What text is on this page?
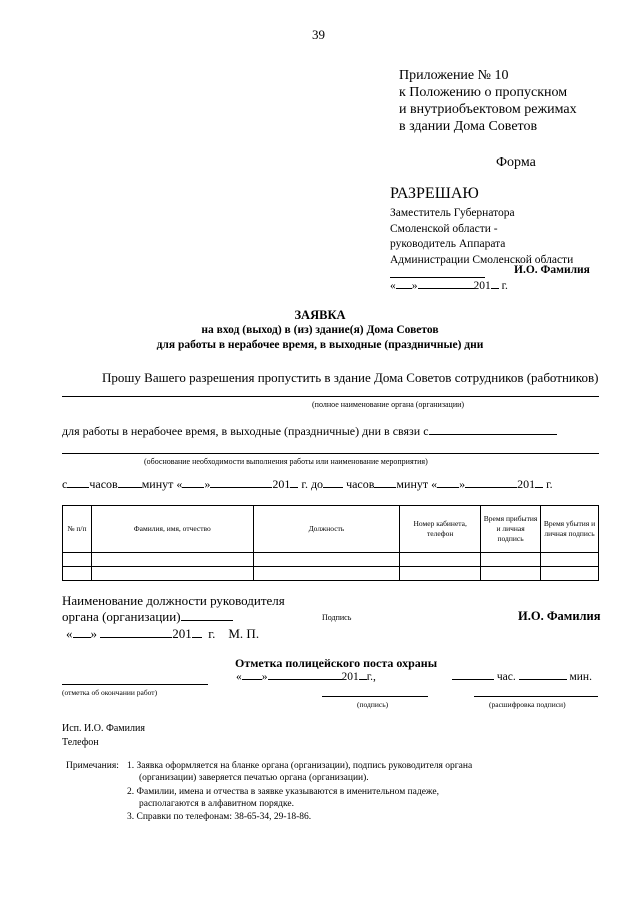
39
Приложение № 10
к Положению о пропускном
и внутриобъектовом режимах
в здании Дома Советов
Форма
РАЗРЕШАЮ
Заместитель Губернатора
Смоленской области -
руководитель Аппарата
Администрации Смоленской области
И.О. Фамилия
« »	201 г.
ЗАЯВКА
на вход (выход) в (из) здание(я) Дома Советов
для работы в нерабочее время, в выходные (праздничные) дни
Прошу Вашего разрешения пропустить в здание Дома Советов сотрудников (работников)
(полное наименование органа (организации)
для работы в нерабочее время, в выходные (праздничные) дни в связи с
(обоснование необходимости выполнения работы или наименование мероприятия)
с часов минут « »	201 г. до часов минут « »	201 г.
№ п/п	Фамилия, имя, отчество	Должность	Номер кабинета, телефон	Время прибытия и личная подпись	Время убытия и личная подпись

Наименование должности руководителя
органа (организации)	Подпись	И.О. Фамилия
« »	201 г. М. П.
Отметка полицейского поста охраны
« »	201 г.,	час.	мин.
(отметка об окончании работ)
(подпись)	(расшифровка подписи)
Исп. И.О. Фамилия
Телефон
Примечания: 1. Заявка оформляется на бланке органа (организации), подпись руководителя органа
(организации) заверяется печатью органа (организации).
2. Фамилии, имена и отчества в заявке указываются в именительном падеже,
располагаются в алфавитном порядке.
3. Справки по телефонам: 38-65-34, 29-18-86.
